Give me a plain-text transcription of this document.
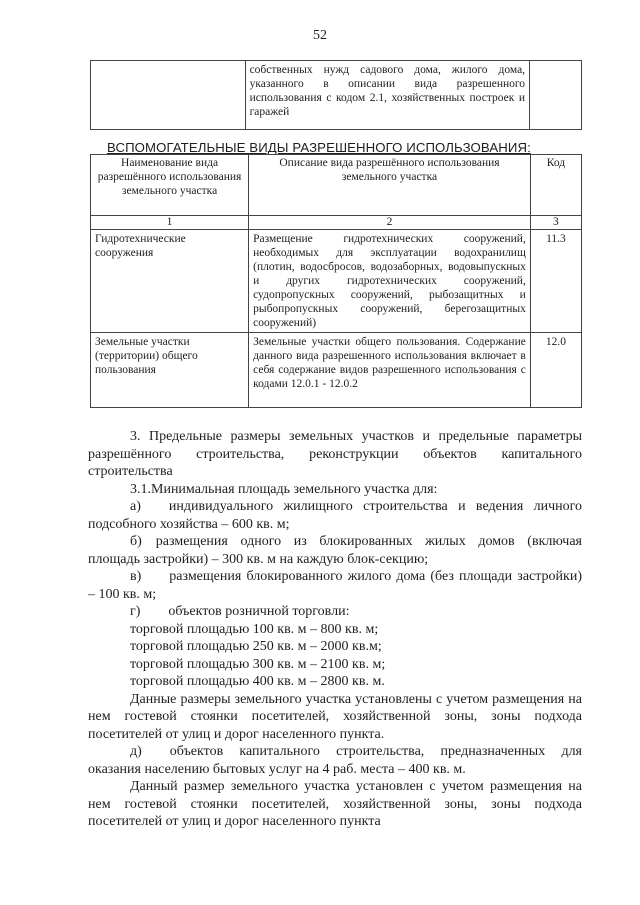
52
	собственных нужд садового дома, жилого дома, указанного в описании вида разрешенного использования с кодом 2.1, хозяйственных построек и гаражей	
ВСПОМОГАТЕЛЬНЫЕ ВИДЫ РАЗРЕШЕННОГО ИСПОЛЬЗОВАНИЯ:
Наименование вида разрешённого использования земельного участка	Описание вида разрешённого использования земельного участка	Код
1	2	3
Гидротехнические сооружения	Размещение гидротехнических сооружений, необходимых для эксплуатации водохранилищ (плотин, водосбросов, водозаборных, водовыпускных и других гидротехнических сооружений, судопропускных сооружений, рыбозащитных и рыбопропускных сооружений, берегозащитных сооружений)	11.3
Земельные участки (территории) общего пользования	Земельные участки общего пользования. Содержание данного вида разрешенного использования включает в себя содержание видов разрешенного использования с кодами 12.0.1 - 12.0.2	12.0

3. Предельные размеры земельных участков и предельные параметры разрешённого строительства, реконструкции объектов капитального строительства

3.1.Минимальная площадь земельного участка для:

а)   индивидуального жилищного строительства и ведения личного подсобного хозяйства – 600 кв. м;

б)  размещения одного из блокированных жилых домов (включая площадь застройки) – 300 кв. м на каждую блок-секцию;

в)   размещения блокированного жилого дома (без площади застройки) – 100 кв. м;

г)   объектов розничной торговли:

торговой площадью 100 кв. м – 800 кв. м;

торговой площадью 250 кв. м – 2000 кв.м;

торговой площадью 300 кв. м – 2100 кв. м;

торговой площадью 400 кв. м – 2800 кв. м.

Данные размеры земельного участка установлены с учетом размещения на нем гостевой стоянки посетителей, хозяйственной зоны, зоны подхода посетителей от улиц и дорог населенного пункта.

д)   объектов капитального строительства, предназначенных для оказания населению бытовых услуг на 4 раб. места – 400 кв. м.

Данный размер земельного участка установлен с учетом размещения на нем гостевой стоянки посетителей, хозяйственной зоны, зоны подхода посетителей от улиц и дорог населенного пункта
